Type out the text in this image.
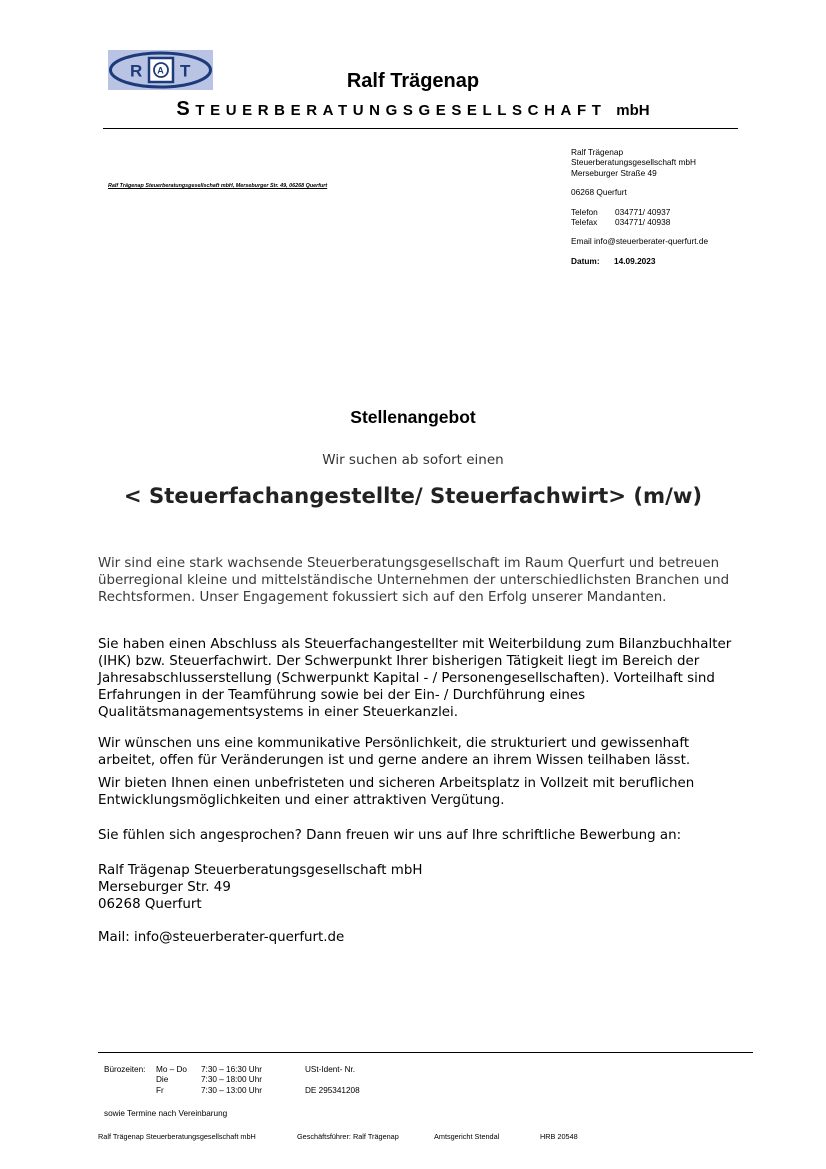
R A T	Ralf Trägenap
STEUERBERATUNGSGESELLSCHAFT mbH
Ralf Trägenap Steuerberatungsgesellschaft mbH, Merseburger Str. 49, 06268 Querfurt
Ralf Trägenap
Steuerberatungsgesellschaft mbH
Merseburger Straße 49
06268 Querfurt
Telefon 034771/ 40937
Telefax 034771/ 40938
Email info@steuerberater-querfurt.de
Datum: 14.09.2023
Stellenangebot
Wir suchen ab sofort einen
< Steuerfachangestellte/ Steuerfachwirt> (m/w)
Wir sind eine stark wachsende Steuerberatungsgesellschaft im Raum Querfurt und betreuen überregional kleine und mittelständische Unternehmen der unterschiedlichsten Branchen und Rechtsformen. Unser Engagement fokussiert sich auf den Erfolg unserer Mandanten.
Sie haben einen Abschluss als Steuerfachangestellter mit Weiterbildung zum Bilanzbuchhalter (IHK) bzw. Steuerfachwirt. Der Schwerpunkt Ihrer bisherigen Tätigkeit liegt im Bereich der Jahresabschlusserstellung (Schwerpunkt Kapital - / Personengesellschaften). Vorteilhaft sind Erfahrungen in der Teamführung sowie bei der Ein- / Durchführung eines Qualitätsmanagementsystems in einer Steuerkanzlei.
Wir wünschen uns eine kommunikative Persönlichkeit, die strukturiert und gewissenhaft arbeitet, offen für Veränderungen ist und gerne andere an ihrem Wissen teilhaben lässt.
Wir bieten Ihnen einen unbefristeten und sicheren Arbeitsplatz in Vollzeit mit beruflichen Entwicklungsmöglichkeiten und einer attraktiven Vergütung.
Sie fühlen sich angesprochen? Dann freuen wir uns auf Ihre schriftliche Bewerbung an:
Ralf Trägenap Steuerberatungsgesellschaft mbH
Merseburger Str. 49
06268 Querfurt
Mail: info@steuerberater-querfurt.de
Bürozeiten:	Mo – Do	7:30 – 16:30 Uhr
Die	7:30 – 18:00 Uhr
Fr	7:30 – 13:00 Uhr
USt-Ident- Nr.
DE 295341208
sowie Termine nach Vereinbarung
Ralf Trägenap Steuerberatungsgesellschaft mbH	Geschäftsführer: Ralf Trägenap	Amtsgericht Stendal	HRB 20548
